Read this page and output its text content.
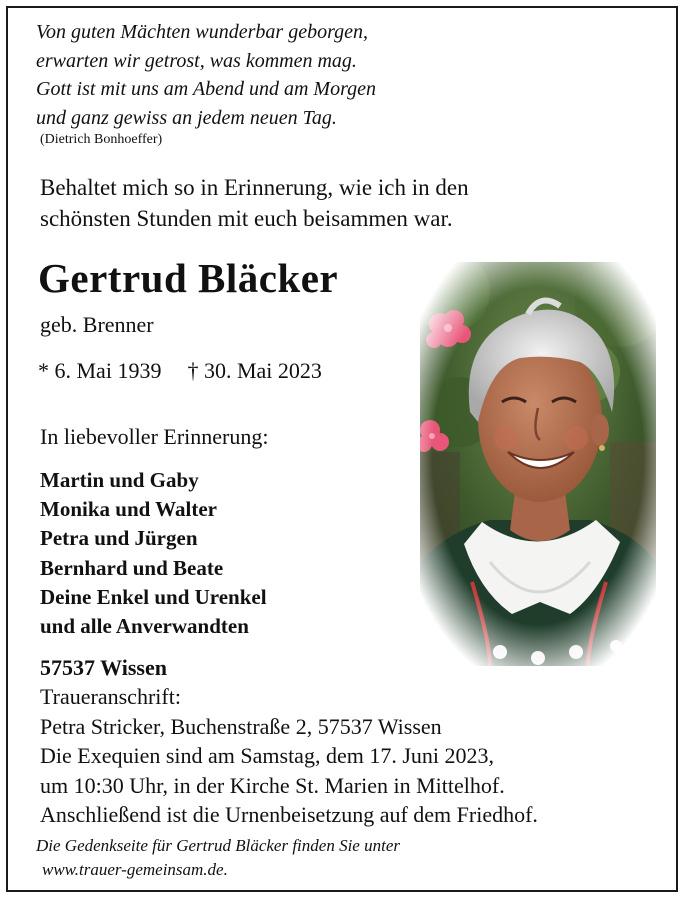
Von guten Mächten wunderbar geborgen,
erwarten wir getrost, was kommen mag.
Gott ist mit uns am Abend und am Morgen
und ganz gewiss an jedem neuen Tag.
(Dietrich Bonhoeffer)
Behaltet mich so in Erinnerung, wie ich in den
schönsten Stunden mit euch beisammen war.
Gertrud Bläcker
geb. Brenner
* 6. Mai 1939 † 30. Mai 2023
In liebevoller Erinnerung:
Martin und Gaby
Monika und Walter
Petra und Jürgen
Bernhard und Beate
Deine Enkel und Urenkel
und alle Anverwandten
57537 Wissen
Traueranschrift:
Petra Stricker, Buchenstraße 2, 57537 Wissen
Die Exequien sind am Samstag, dem 17. Juni 2023,
um 10:30 Uhr, in der Kirche St. Marien in Mittelhof.
Anschließend ist die Urnenbeisetzung auf dem Friedhof.
Die Gedenkseite für Gertrud Bläcker finden Sie unter
www.trauer-gemeinsam.de.
